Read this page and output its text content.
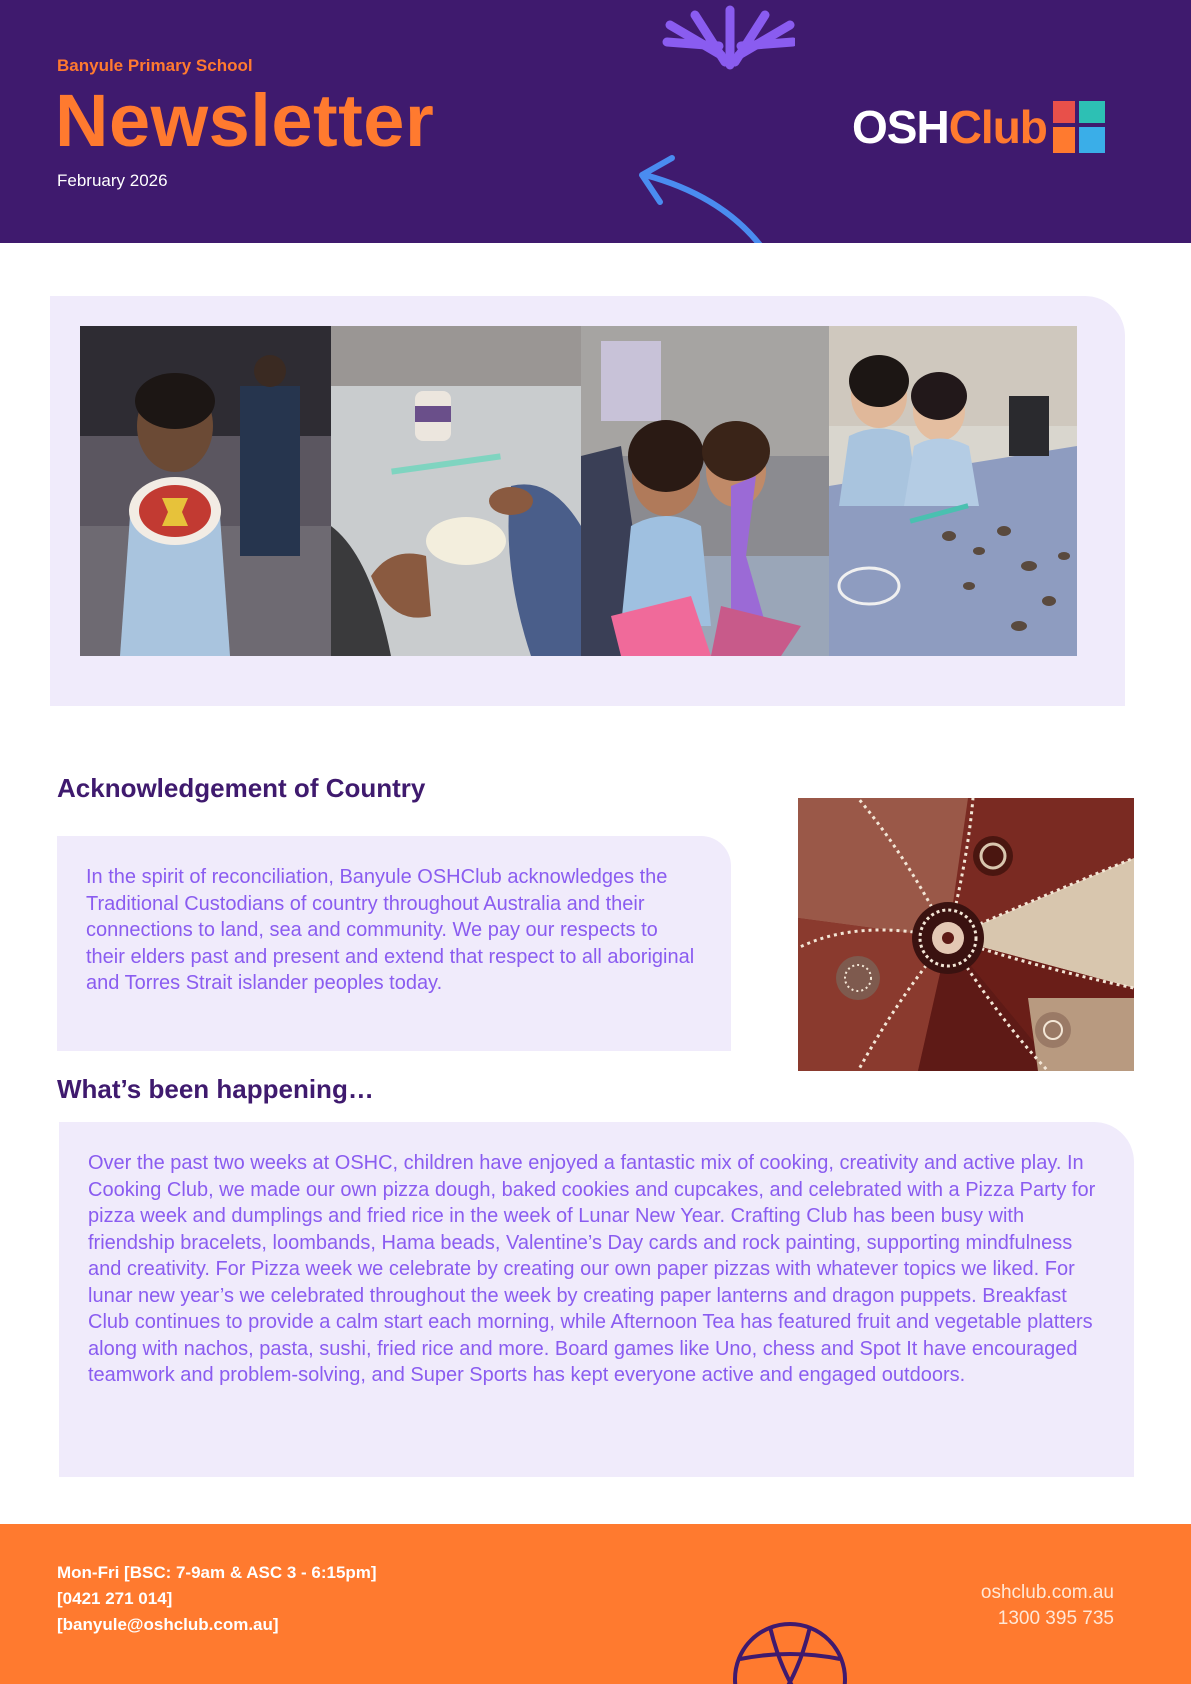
Banyule Primary School
Newsletter
February 2026
OSH Club
Acknowledgement of Country

In the spirit of reconciliation, Banyule OSHClub acknowledges the Traditional Custodians of country throughout Australia and their connections to land, sea and community. We pay our respects to their elders past and present and extend that respect to all aboriginal and Torres Strait islander peoples today.

What’s been happening…

Over the past two weeks at OSHC, children have enjoyed a fantastic mix of cooking, creativity and active play. In Cooking Club, we made our own pizza dough, baked cookies and cupcakes, and celebrated with a Pizza Party for pizza week and dumplings and fried rice in the week of Lunar New Year. Crafting Club has been busy with friendship bracelets, loombands, Hama beads, Valentine’s Day cards and rock painting, supporting mindfulness and creativity. For Pizza week we celebrate by creating our own paper pizzas with whatever topics we liked. For lunar new year’s we celebrated throughout the week by creating paper lanterns and dragon puppets. Breakfast Club continues to provide a calm start each morning, while Afternoon Tea has featured fruit and vegetable platters along with nachos, pasta, sushi, fried rice and more. Board games like Uno, chess and Spot It have encouraged teamwork and problem-solving, and Super Sports has kept everyone active and engaged outdoors.

Mon-Fri [BSC: 7-9am & ASC 3 - 6:15pm]
[0421 271 014]
[banyule@oshclub.com.au]
oshclub.com.au
1300 395 735
